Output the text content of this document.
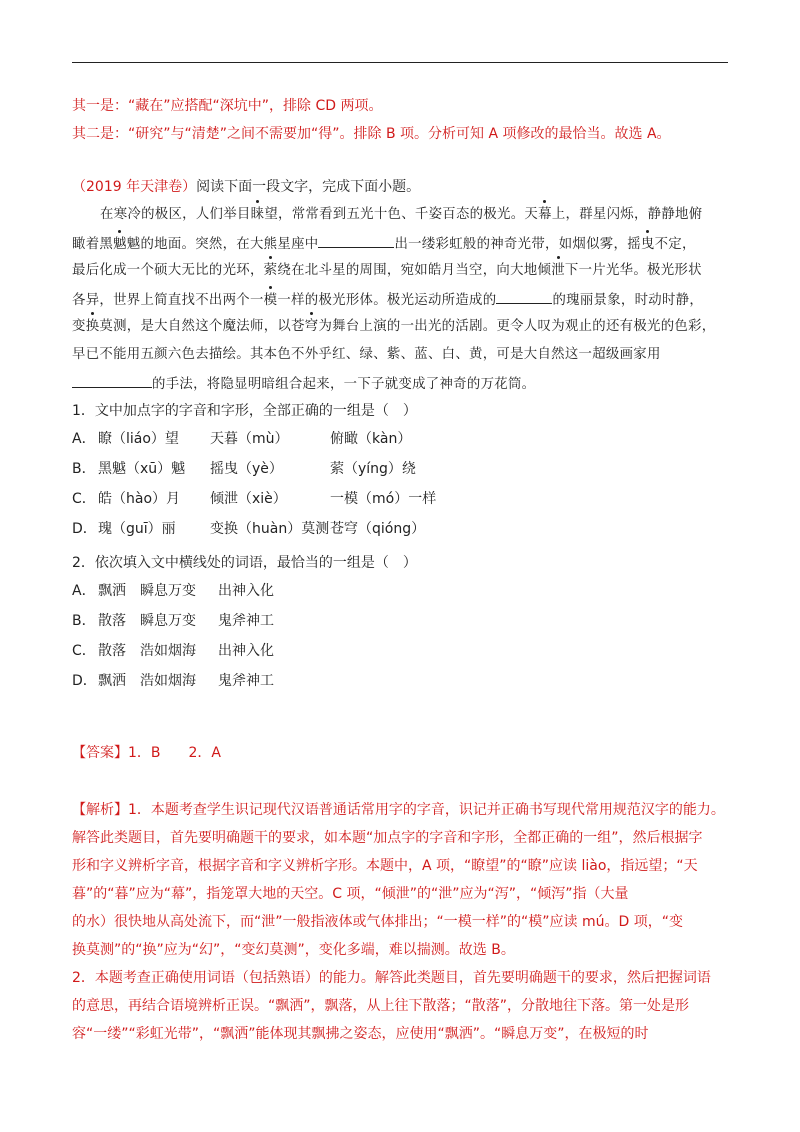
其一是：“藏在”应搭配“深坑中”，排除 CD 两项。
其二是：“研究”与“清楚”之间不需要加“得”。排除 B 项。分析可知 A 项修改的最恰当。故选 A。
（2019 年天津卷）阅读下面一段文字，完成下面小题。
在寒冷的极区，人们举目睐望，常常看到五光十色、千姿百态的极光。天幕上，群星闪烁，静静地俯
瞰着黑魆魆的地面。突然，在大熊星座中	出一缕彩虹般的神奇光带，如烟似雾，摇曳不定，
最后化成一个硕大无比的光环，萦绕在北斗星的周围，宛如皓月当空，向大地倾泄下一片光华。极光形状
各异，世界上简直找不出两个一模一样的极光形体。极光运动所造成的	的瑰丽景象，时动时静，
变换莫测，是大自然这个魔法师，以苍穹为舞台上演的一出光的活剧。更令人叹为观止的还有极光的色彩，
早已不能用五颜六色去描绘。其本色不外乎红、绿、紫、蓝、白、黄，可是大自然这一超级画家用
的手法，将隐显明暗组合起来，一下子就变成了神奇的万花筒。
1．文中加点字的字音和字形，全部正确的一组是（　）
A． 瞭（liáo）望 天暮（mù）	俯瞰（kàn）
B． 黑魆（xū）魆 摇曳（yè）	萦（yíng）绕
C． 皓（hào）月 倾泄（xiè）	一模（mó）一样
D． 瑰（guī）丽 变换（huàn）莫测 苍穹（qióng）
2．依次填入文中横线处的词语，最恰当的一组是（　）
A． 飘洒 瞬息万变 出神入化
B． 散落 瞬息万变 鬼斧神工
C． 散落 浩如烟海 出神入化
D． 飘洒 浩如烟海 鬼斧神工
【答案】1．B　　2．A
【解析】1．本题考查学生识记现代汉语普通话常用字的字音，识记并正确书写现代常用规范汉字的能力。
解答此类题目，首先要明确题干的要求，如本题“加点字的字音和字形，全都正确的一组”，然后根据字
形和字义辨析字音，根据字音和字义辨析字形。本题中，A 项，“瞭望”的“瞭”应读 liào，指远望；“天
暮”的“暮”应为“幕”，指笼罩大地的天空。C 项，“倾泄”的“泄”应为“泻”，“倾泻”指（大量
的水）很快地从高处流下，而“泄”一般指液体或气体排出；“一模一样”的“模”应读 mú。D 项，“变
换莫测”的“换”应为“幻”，“变幻莫测”，变化多端，难以揣测。故选 B。
2．本题考查正确使用词语（包括熟语）的能力。解答此类题目，首先要明确题干的要求，然后把握词语
的意思，再结合语境辨析正误。“飘洒”，飘落，从上往下散落；“散落”，分散地往下落。第一处是形
容“一缕”“彩虹光带”，“飘洒”能体现其飘拂之姿态，应使用“飘洒”。“瞬息万变”，在极短的时
